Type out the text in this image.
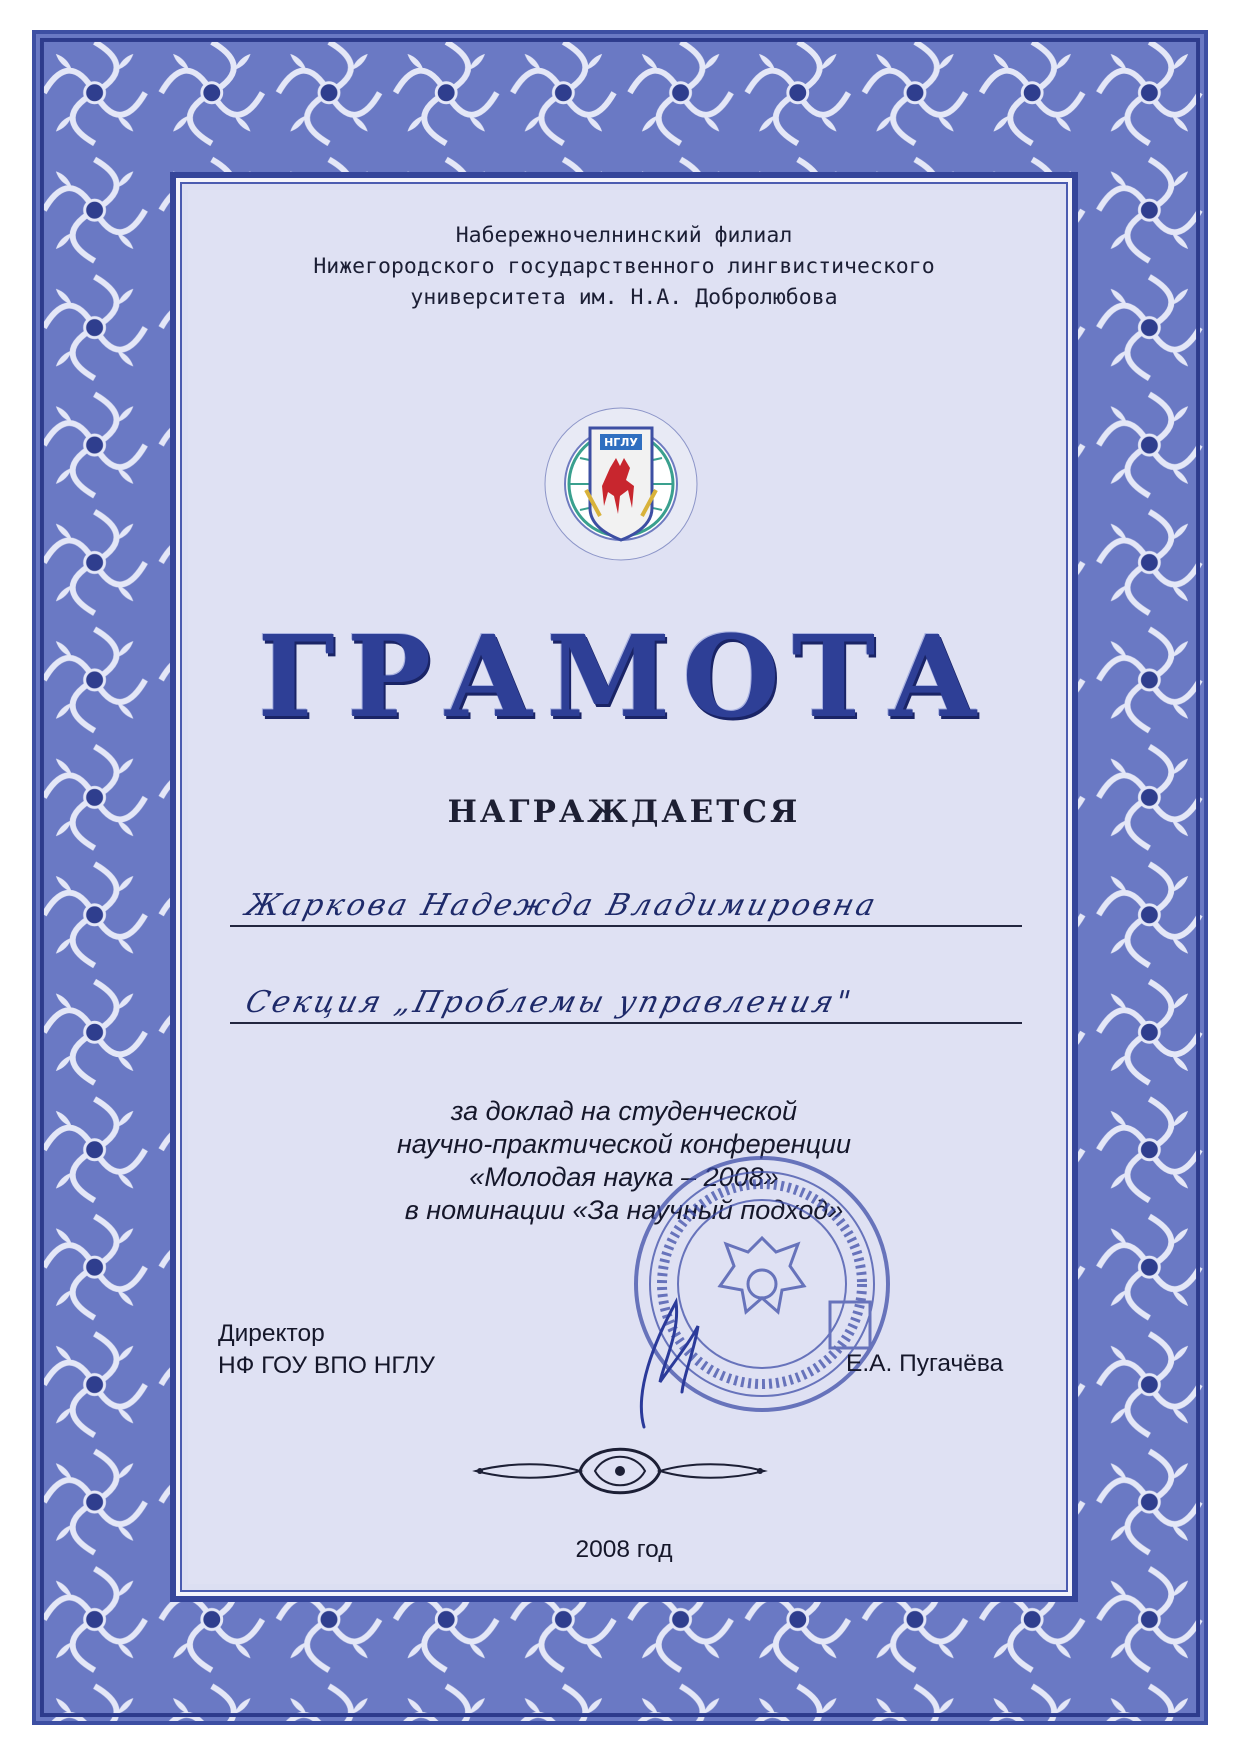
Набережночелнинский филиал
Нижегородского государственного лингвистического
университета им. Н.А. Добролюбова
НГЛУ
ГРАМОТА
НАГРАЖДАЕТСЯ
Жаркова Надежда Владимировна
Секция „Проблемы управления"
за доклад на студенческой
научно-практической конференции
«Молодая наука – 2008»
в номинации «За научный подход»
Директор
НФ ГОУ ВПО НГЛУ	Е.А. Пугачёва
2008 год
